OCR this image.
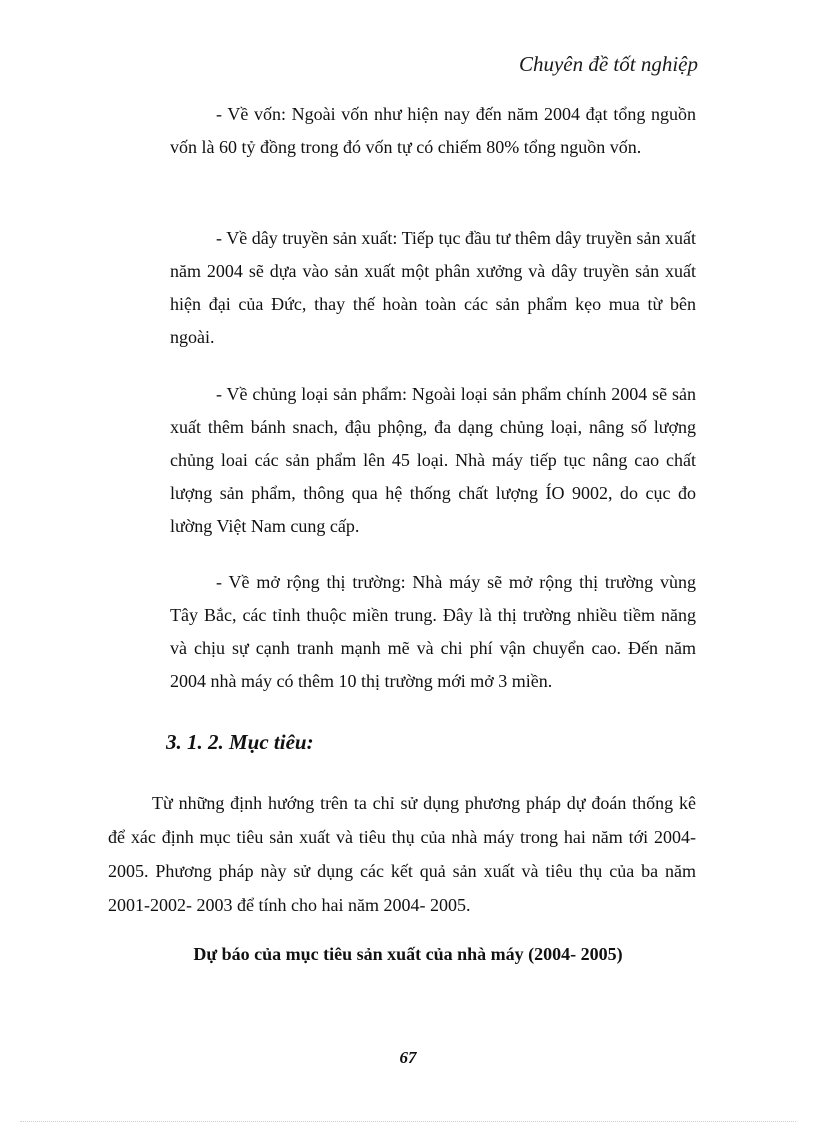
Chuyên đề tốt nghiệp

- Về vốn: Ngoài vốn như hiện nay đến năm 2004 đạt tổng nguồn vốn là 60 tỷ đồng trong đó vốn tự có chiếm 80% tổng nguồn vốn.

- Về dây truyền sản xuất: Tiếp tục đầu tư thêm dây truyền sản xuất năm 2004 sẽ dựa vào sản xuất một phân xưởng và dây truyền sản xuất hiện đại của Đức, thay thế hoàn toàn các sản phẩm kẹo mua từ bên ngoài.

- Về chủng loại sản phẩm: Ngoài loại sản phẩm chính 2004 sẽ sản xuất thêm bánh snach, đậu phộng, đa dạng chủng loại, nâng số lượng chủng loai các sản phẩm lên 45 loại. Nhà máy tiếp tục nâng cao chất lượng sản phẩm, thông qua hệ thống chất lượng ÍO 9002, do cục đo lường Việt Nam cung cấp.

- Về mở rộng thị trường: Nhà máy sẽ mở rộng thị trường vùng Tây Bắc, các tỉnh thuộc miền trung. Đây là thị trường nhiều tiềm năng và chịu sự cạnh tranh mạnh mẽ và chi phí vận chuyển cao. Đến năm 2004 nhà máy có thêm 10 thị trường mới mở 3 miền.

3. 1. 2. Mục tiêu:

Từ những định hướng trên ta chỉ sử dụng phương pháp dự đoán thống kê để xác định mục tiêu sản xuất và tiêu thụ của nhà máy trong hai năm tới 2004- 2005. Phương pháp này sử dụng các kết quả sản xuất và tiêu thụ của ba năm 2001-2002- 2003 để tính cho hai năm 2004- 2005.

Dự báo của mục tiêu sản xuất của nhà máy (2004- 2005)
67
